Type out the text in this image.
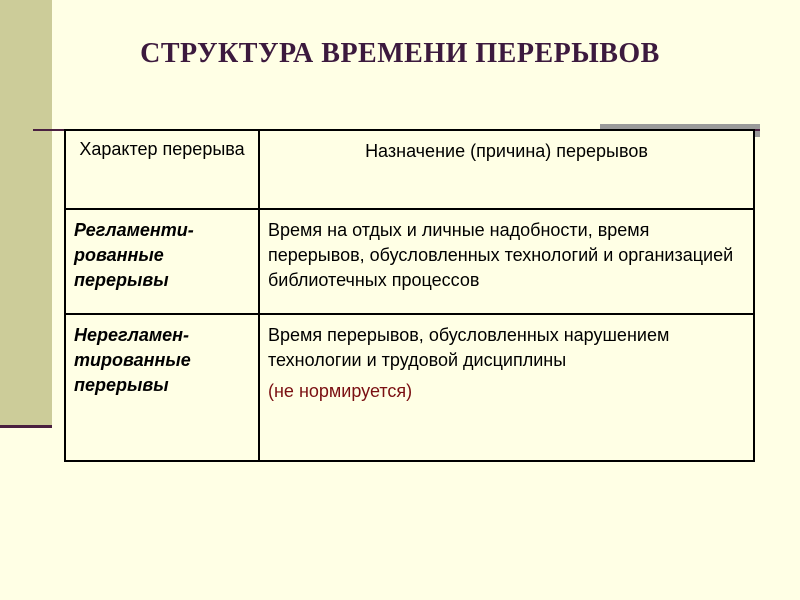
СТРУКТУРА ВРЕМЕНИ ПЕРЕРЫВОВ
Характер перерыва	Назначение (причина) перерывов
Регламенти-рованные перерывы	Время на отдых и личные надобности, время перерывов, обусловленных технологий и организацией библиотечных процессов
Нерегламен-тированные перерывы	Время перерывов, обусловленных нарушением технологии и трудовой дисциплины
(не нормируется)
